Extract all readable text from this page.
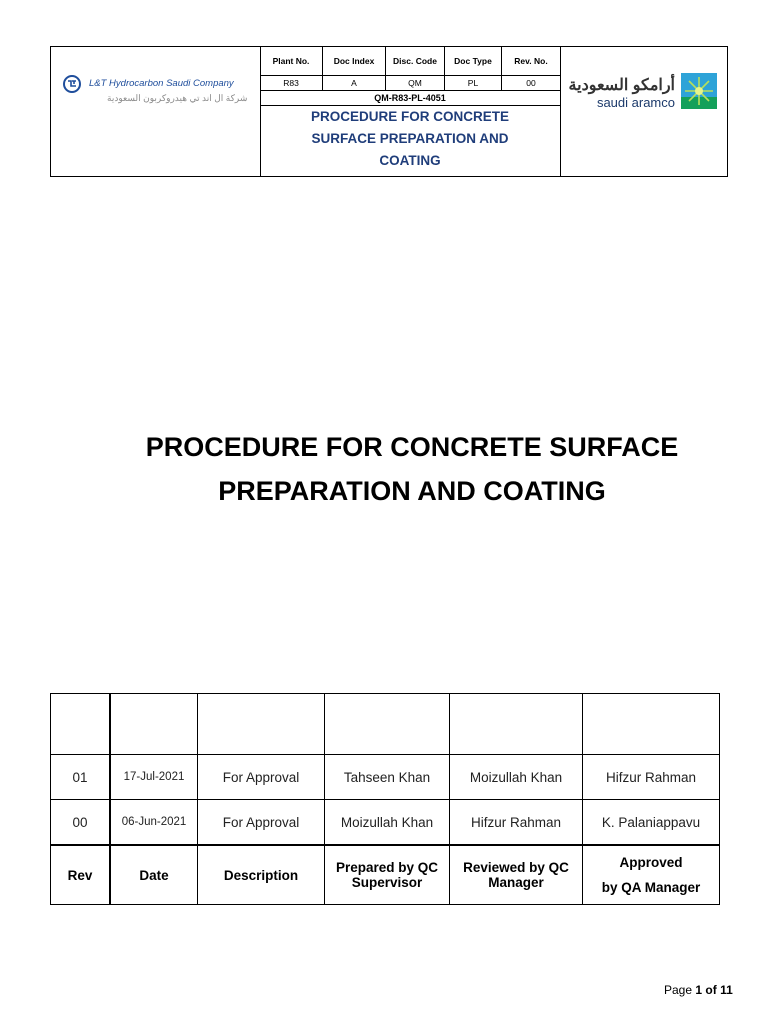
L&T Hydrocarbon Saudi Company
شركة ال اند تي هيدروكربون السعودية
Plant No.	Doc Index	Disc. Code	Doc Type	Rev. No.
R83	A	QM	PL	00
QM-R83-PL-4051				

PROCEDURE FOR CONCRETE
SURFACE PREPARATION AND
COATING				
أرامكو السعودية
saudi aramco
PROCEDURE FOR CONCRETE SURFACE
PREPARATION AND COATING

01	17-Jul-2021	For Approval	Tahseen Khan	Moizullah Khan	Hifzur Rahman
00	06-Jun-2021	For Approval	Moizullah Khan	Hifzur Rahman	K. Palaniappavu
Rev	Date	Description	Prepared by QC Supervisor	Reviewed by QC Manager	Approved
by QA Manager
Page 1 of 11
